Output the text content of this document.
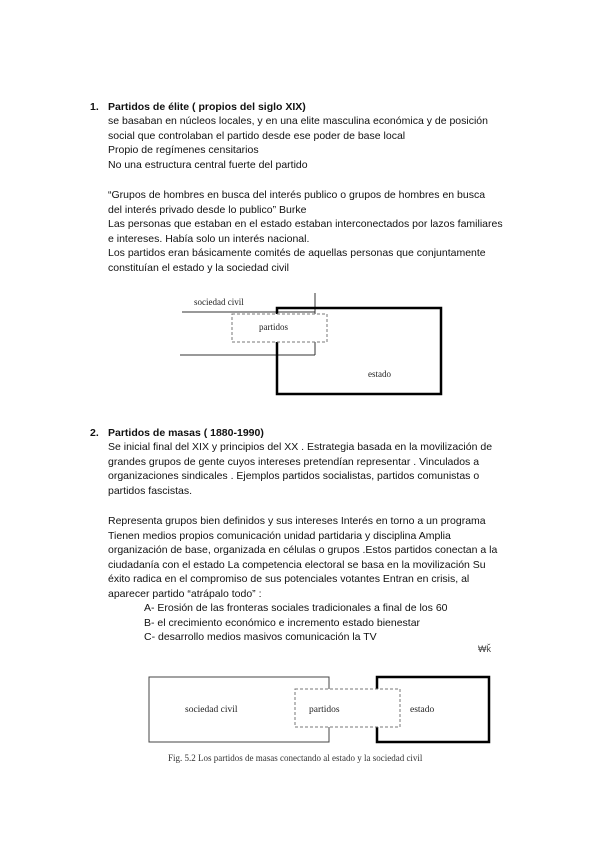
1. Partidos de élite ( propios del siglo XIX)
se basaban en núcleos locales, y en una elite masculina económica y de posición
social que controlaban el partido desde ese poder de base local
Propio de regímenes censitarios
No una estructura central fuerte del partido
“Grupos de hombres en busca del interés publico o grupos de hombres en busca
del interés privado desde lo publico” Burke
Las personas que estaban en el estado estaban interconectados por lazos familiares
e intereses. Había solo un interés nacional.
Los partidos eran básicamente comités de aquellas personas que conjuntamente
constituían el estado y la sociedad civil
sociedad civil
partidos
estado
2. Partidos de masas ( 1880-1990)
Se inicial final del XIX y principios del XX . Estrategia basada en la movilización de
grandes grupos de gente cuyos intereses pretendían representar . Vinculados a
organizaciones sindicales . Ejemplos partidos socialistas, partidos comunistas o
partidos fascistas.
Representa grupos bien definidos y sus intereses Interés en torno a un programa
Tienen medios propios comunicación unidad partidaria y disciplina Amplia
organización de base, organizada en células o grupos .Estos partidos conectan a la
ciudadanía con el estado La competencia electoral se basa en la movilización Su
éxito radica en el compromiso de sus potenciales votantes Entran en crisis, al
aparecer partido “atrápalo todo” :
A- Erosión de las fronteras sociales tradicionales a final de los 60
B- el crecimiento económico e incremento estado bienestar
C- desarrollo medios masivos comunicación la TV
₩ǩ
sociedad civil	partidos	estado
Fig. 5.2 Los partidos de masas conectando al estado y la sociedad civil
